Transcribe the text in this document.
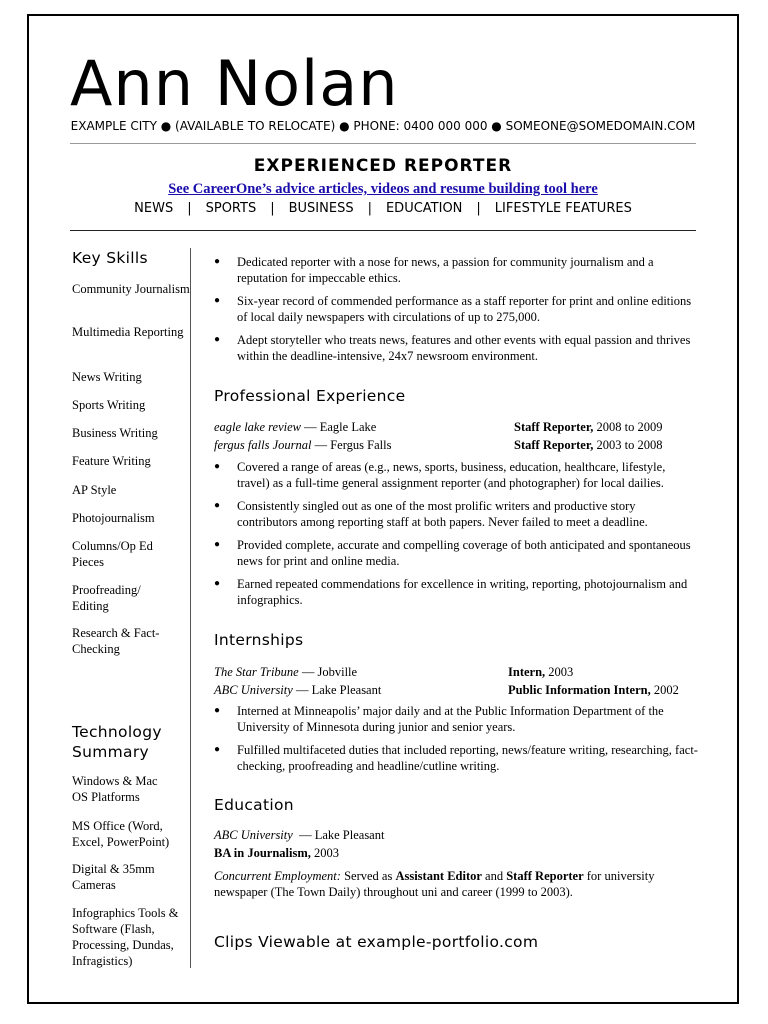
Ann Nolan
EXAMPLE CITY ● (AVAILABLE TO RELOCATE) ● PHONE: 0400 000 000 ● SOMEONE@SOMEDOMAIN.COM
EXPERIENCED REPORTER
See CareerOne’s advice articles, videos and resume building tool here
NEWS | SPORTS | BUSINESS | EDUCATION | LIFESTYLE FEATURES
Key Skills
Community Journalism
Multimedia Reporting
News Writing
Sports Writing
Business Writing
Feature Writing
AP Style
Photojournalism
Columns/Op Ed Pieces
Proofreading/ Editing
Research & Fact-Checking
Technology Summary
Windows & Mac OS Platforms
MS Office (Word, Excel, PowerPoint)
Digital & 35mm Cameras
Infographics Tools & Software (Flash, Processing, Dundas, Infragistics)
● Dedicated reporter with a nose for news, a passion for community journalism and a reputation for impeccable ethics.
● Six-year record of commended performance as a staff reporter for print and online editions of local daily newspapers with circulations of up to 275,000.
● Adept storyteller who treats news, features and other events with equal passion and thrives within the deadline-intensive, 24x7 newsroom environment.
Professional Experience
eagle lake review — Eagle Lake	Staff Reporter, 2008 to 2009
fergus falls Journal — Fergus Falls	Staff Reporter, 2003 to 2008
● Covered a range of areas (e.g., news, sports, business, education, healthcare, lifestyle, travel) as a full-time general assignment reporter (and photographer) for local dailies.
● Consistently singled out as one of the most prolific writers and productive story contributors among reporting staff at both papers. Never failed to meet a deadline.
● Provided complete, accurate and compelling coverage of both anticipated and spontaneous news for print and online media.
● Earned repeated commendations for excellence in writing, reporting, photojournalism and infographics.
Internships
The Star Tribune — Jobville	Intern, 2003
ABC University — Lake Pleasant	Public Information Intern, 2002
● Interned at Minneapolis’ major daily and at the Public Information Department of the University of Minnesota during junior and senior years.
● Fulfilled multifaceted duties that included reporting, news/feature writing, researching, fact-checking, proofreading and headline/cutline writing.
Education
ABC University  — Lake Pleasant
BA in Journalism, 2003
Concurrent Employment: Served as Assistant Editor and Staff Reporter for university newspaper (The Town Daily) throughout uni and career (1999 to 2003).
Clips Viewable at example-portfolio.com
